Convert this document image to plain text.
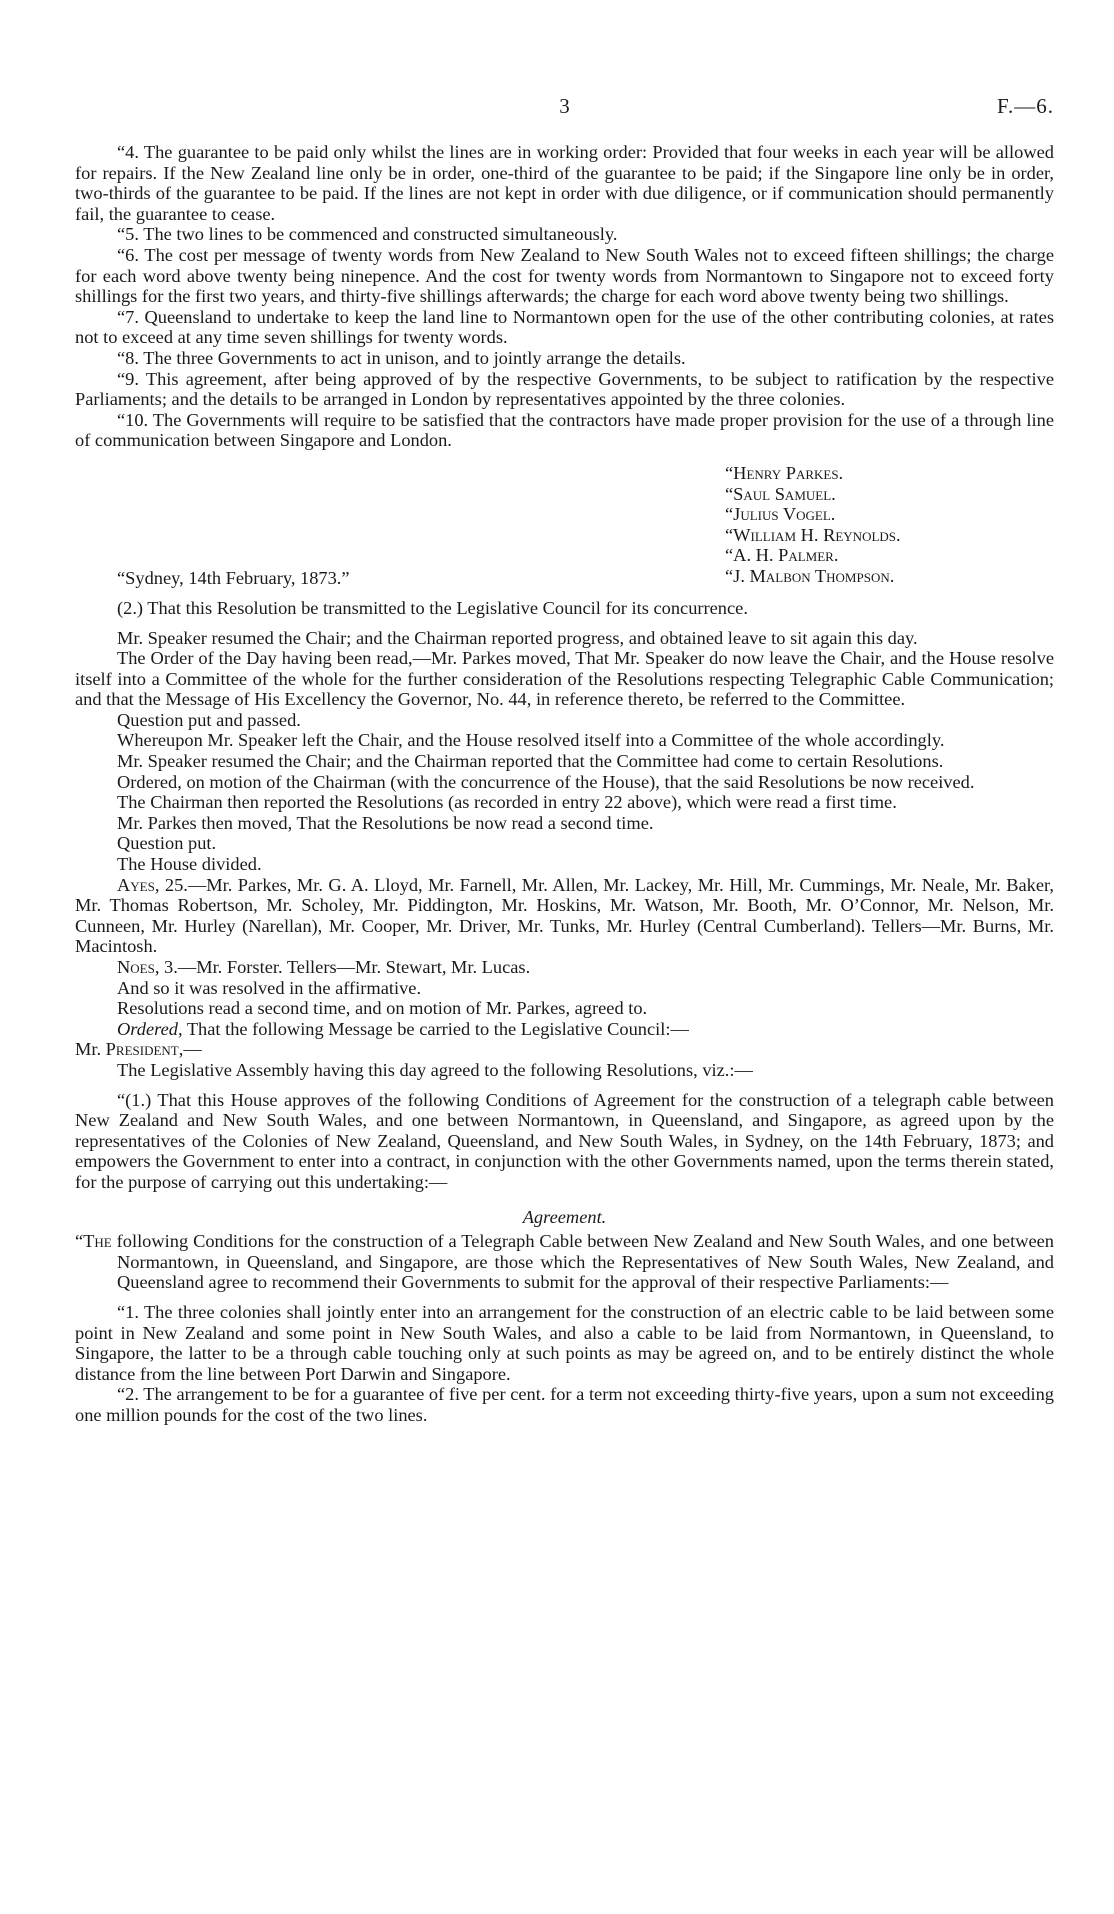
3	F.—6.

“4. The guarantee to be paid only whilst the lines are in working order: Provided that four weeks in each year will be allowed for repairs. If the New Zealand line only be in order, one-third of the guarantee to be paid; if the Singapore line only be in order, two-thirds of the guarantee to be paid. If the lines are not kept in order with due diligence, or if communication should permanently fail, the guarantee to cease.

“5. The two lines to be commenced and constructed simultaneously.

“6. The cost per message of twenty words from New Zealand to New South Wales not to exceed fifteen shillings; the charge for each word above twenty being ninepence. And the cost for twenty words from Normantown to Singapore not to exceed forty shillings for the first two years, and thirty-five shillings afterwards; the charge for each word above twenty being two shillings.

“7. Queensland to undertake to keep the land line to Normantown open for the use of the other contributing colonies, at rates not to exceed at any time seven shillings for twenty words.

“8. The three Governments to act in unison, and to jointly arrange the details.

“9. This agreement, after being approved of by the respective Governments, to be subject to ratification by the respective Parliaments; and the details to be arranged in London by representatives appointed by the three colonies.

“10. The Governments will require to be satisfied that the contractors have made proper provision for the use of a through line of communication between Singapore and London.

“Henry Parkes.
“Saul Samuel.
“Julius Vogel.
“William H. Reynolds.
“A. H. Palmer.
“J. Malbon Thompson.
“Sydney, 14th February, 1873.”

(2.) That this Resolution be transmitted to the Legislative Council for its concurrence.

Mr. Speaker resumed the Chair; and the Chairman reported progress, and obtained leave to sit again this day.

The Order of the Day having been read,—Mr. Parkes moved, That Mr. Speaker do now leave the Chair, and the House resolve itself into a Committee of the whole for the further consideration of the Resolutions respecting Telegraphic Cable Communication; and that the Message of His Excellency the Governor, No. 44, in reference thereto, be referred to the Committee.

Question put and passed.

Whereupon Mr. Speaker left the Chair, and the House resolved itself into a Committee of the whole accordingly.

Mr. Speaker resumed the Chair; and the Chairman reported that the Committee had come to certain Resolutions.

Ordered, on motion of the Chairman (with the concurrence of the House), that the said Resolutions be now received.

The Chairman then reported the Resolutions (as recorded in entry 22 above), which were read a first time.

Mr. Parkes then moved, That the Resolutions be now read a second time.

Question put.

The House divided.

Ayes, 25.—Mr. Parkes, Mr. G. A. Lloyd, Mr. Farnell, Mr. Allen, Mr. Lackey, Mr. Hill, Mr. Cummings, Mr. Neale, Mr. Baker, Mr. Thomas Robertson, Mr. Scholey, Mr. Piddington, Mr. Hoskins, Mr. Watson, Mr. Booth, Mr. O’Connor, Mr. Nelson, Mr. Cunneen, Mr. Hurley (Narellan), Mr. Cooper, Mr. Driver, Mr. Tunks, Mr. Hurley (Central Cumberland). Tellers—Mr. Burns, Mr. Macintosh.

Noes, 3.—Mr. Forster. Tellers—Mr. Stewart, Mr. Lucas.

And so it was resolved in the affirmative.

Resolutions read a second time, and on motion of Mr. Parkes, agreed to.

Ordered, That the following Message be carried to the Legislative Council:—

Mr. President,—

The Legislative Assembly having this day agreed to the following Resolutions, viz.:—

“(1.) That this House approves of the following Conditions of Agreement for the construction of a telegraph cable between New Zealand and New South Wales, and one between Normantown, in Queensland, and Singapore, as agreed upon by the representatives of the Colonies of New Zealand, Queensland, and New South Wales, in Sydney, on the 14th February, 1873; and empowers the Government to enter into a contract, in conjunction with the other Governments named, upon the terms therein stated, for the purpose of carrying out this undertaking:—

Agreement.

“The following Conditions for the construction of a Telegraph Cable between New Zealand and New South Wales, and one between Normantown, in Queensland, and Singapore, are those which the Representatives of New South Wales, New Zealand, and Queensland agree to recommend their Governments to submit for the approval of their respective Parliaments:—

“1. The three colonies shall jointly enter into an arrangement for the construction of an electric cable to be laid between some point in New Zealand and some point in New South Wales, and also a cable to be laid from Normantown, in Queensland, to Singapore, the latter to be a through cable touching only at such points as may be agreed on, and to be entirely distinct the whole distance from the line between Port Darwin and Singapore.

“2. The arrangement to be for a guarantee of five per cent. for a term not exceeding thirty-five years, upon a sum not exceeding one million pounds for the cost of the two lines.
